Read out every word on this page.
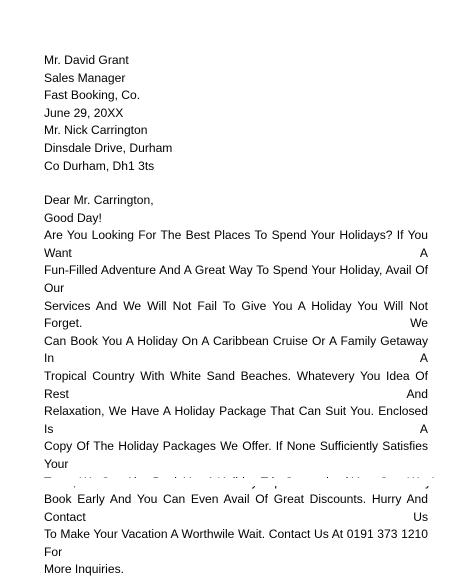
Mr. David Grant
Sales Manager
Fast Booking, Co.
June 29, 20XX
Mr. Nick Carrington
Dinsdale Drive, Durham
Co Durham, Dh1 3ts
Dear Mr. Carrington,
Good Day!
Are You Looking For The Best Places To Spend Your Holidays? If You Want A
Fun-Filled Adventure And A Great Way To Spend Your Holiday, Avail Of Our
Services And We Will Not Fail To Give You A Holiday You Will Not Forget. We
Can Book You A Holiday On A Caribbean Cruise Or A Family Getaway In A
Tropical Country With White Sand Beaches. Whatevery You Idea Of Rest And
Relaxation, We Have A Holiday Package That Can Suit You. Enclosed Is A
Copy Of The Holiday Packages We Offer. If None Sufficiently Satisfies Your
Book Early And You Can Even Avail Of Great Discounts. Hurry And Contact Us
To Make Your Vacation A Worthwile Wait. Contact Us At 0191 373 1210 For
More Inquiries.
